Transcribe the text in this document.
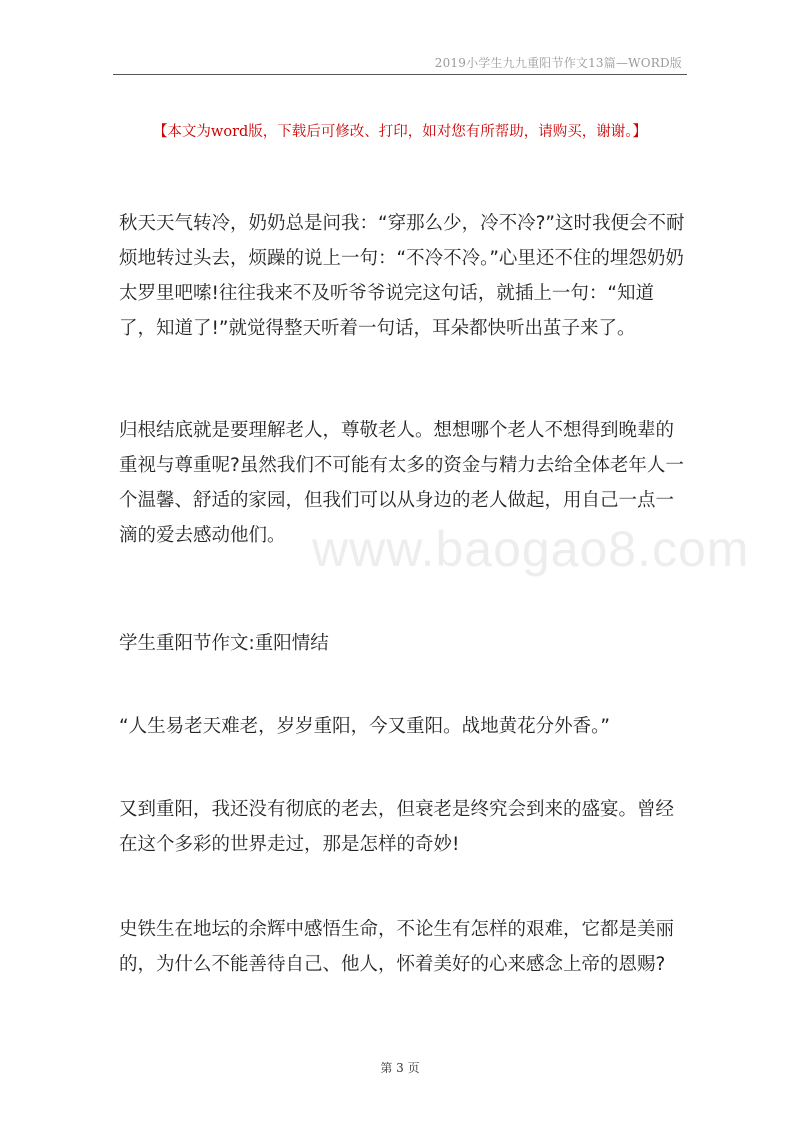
2019小学生九九重阳节作文13篇—WORD版
【本文为word版，下载后可修改、打印，如对您有所帮助，请购买，谢谢。】

秋天天气转冷，奶奶总是问我：“穿那么少，冷不冷?”这时我便会不耐烦地转过头去，烦躁的说上一句：“不冷不冷。”心里还不住的埋怨奶奶太罗里吧嗦!往往我来不及听爷爷说完这句话，就插上一句：“知道了，知道了!”就觉得整天听着一句话，耳朵都快听出茧子来了。

归根结底就是要理解老人，尊敬老人。想想哪个老人不想得到晚辈的重视与尊重呢?虽然我们不可能有太多的资金与精力去给全体老年人一个温馨、舒适的家园，但我们可以从身边的老人做起，用自己一点一滴的爱去感动他们。

学生重阳节作文:重阳情结

“人生易老天难老，岁岁重阳，今又重阳。战地黄花分外香。”

又到重阳，我还没有彻底的老去，但衰老是终究会到来的盛宴。曾经在这个多彩的世界走过，那是怎样的奇妙!

史铁生在地坛的余辉中感悟生命，不论生有怎样的艰难，它都是美丽的，为什么不能善待自己、他人，怀着美好的心来感念上帝的恩赐?

www.baogao8.com
第 3 页
